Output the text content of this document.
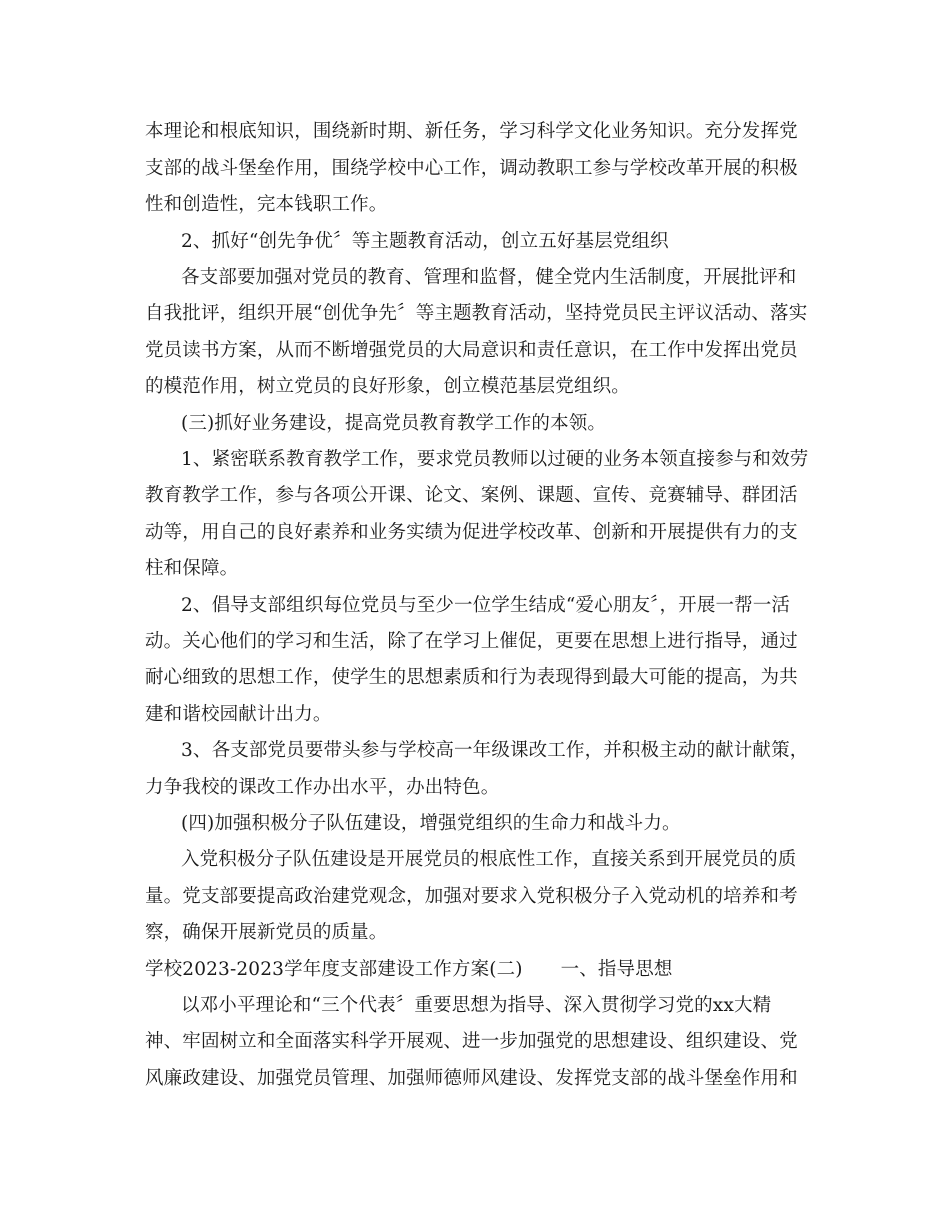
本理论和根底知识，围绕新时期、新任务，学习科学文化业务知识。充分发挥党
支部的战斗堡垒作用，围绕学校中心工作，调动教职工参与学校改革开展的积极
性和创造性，完本钱职工作。
2、抓好“创先争优〞等主题教育活动，创立五好基层党组织
各支部要加强对党员的教育、管理和监督，健全党内生活制度，开展批评和
自我批评，组织开展“创优争先〞等主题教育活动，坚持党员民主评议活动、落实
党员读书方案，从而不断增强党员的大局意识和责任意识，在工作中发挥出党员
的模范作用，树立党员的良好形象，创立模范基层党组织。
(三)抓好业务建设，提高党员教育教学工作的本领。
1、紧密联系教育教学工作，要求党员教师以过硬的业务本领直接参与和效劳
教育教学工作，参与各项公开课、论文、案例、课题、宣传、竞赛辅导、群团活
动等，用自己的良好素养和业务实绩为促进学校改革、创新和开展提供有力的支
柱和保障。
2、倡导支部组织每位党员与至少一位学生结成“爱心朋友〞，开展一帮一活
动。关心他们的学习和生活，除了在学习上催促，更要在思想上进行指导，通过
耐心细致的思想工作，使学生的思想素质和行为表现得到最大可能的提高，为共
建和谐校园献计出力。
3、各支部党员要带头参与学校高一年级课改工作，并积极主动的献计献策，
力争我校的课改工作办出水平，办出特色。
(四)加强积极分子队伍建设，增强党组织的生命力和战斗力。
入党积极分子队伍建设是开展党员的根底性工作，直接关系到开展党员的质
量。党支部要提高政治建党观念，加强对要求入党积极分子入党动机的培养和考
察，确保开展新党员的质量。
学校2023-2023学年度支部建设工作方案(二) 一、指导思想
以邓小平理论和“三个代表〞重要思想为指导、深入贯彻学习党的xx大精
神、牢固树立和全面落实科学开展观、进一步加强党的思想建设、组织建设、党
风廉政建设、加强党员管理、加强师德师风建设、发挥党支部的战斗堡垒作用和
